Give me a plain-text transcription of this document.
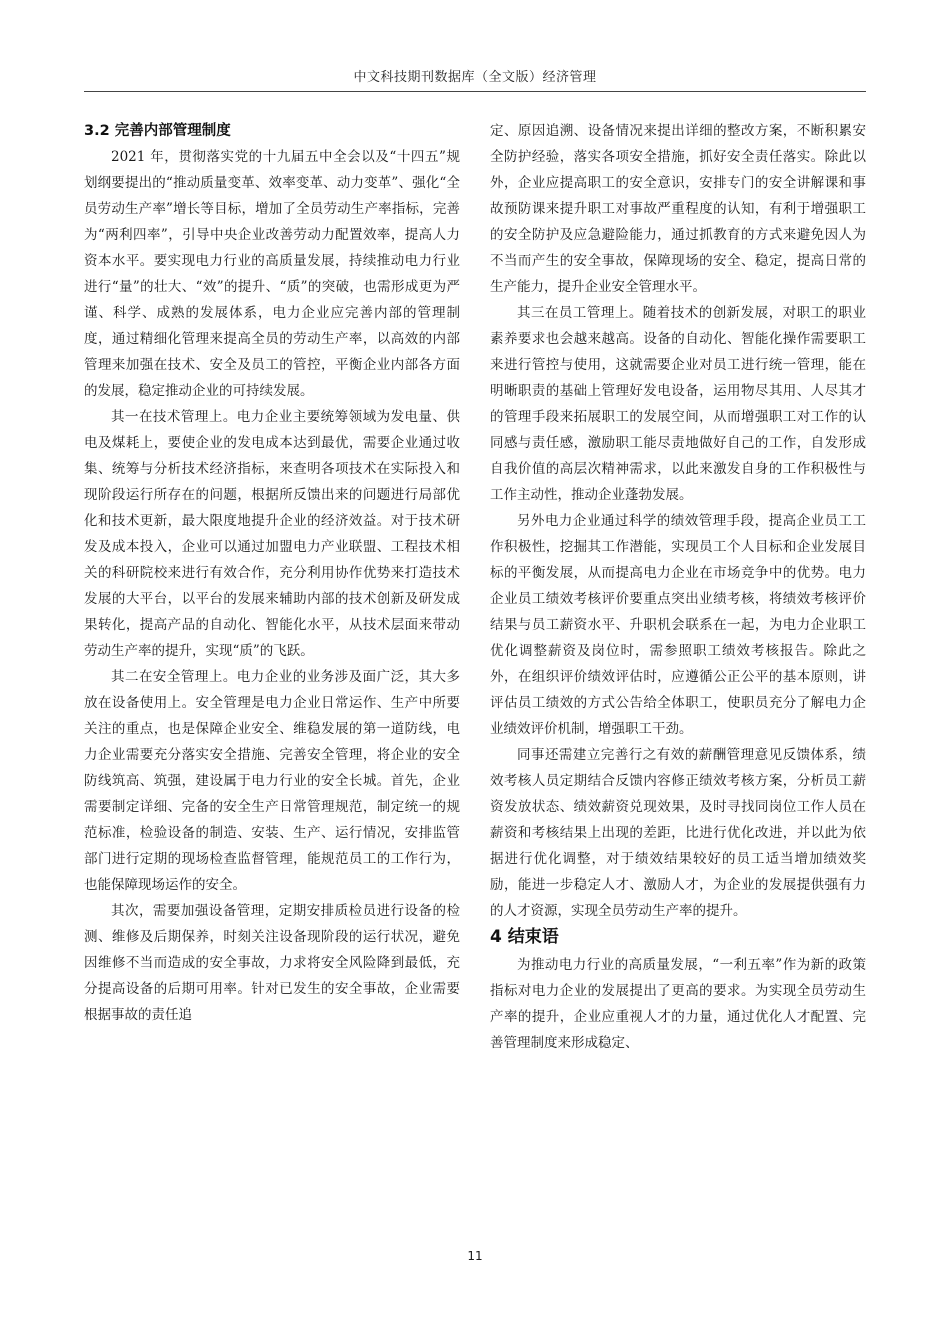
中文科技期刊数据库（全文版）经济管理
3.2 完善内部管理制度

2021 年，贯彻落实党的十九届五中全会以及“十四五”规划纲要提出的“推动质量变革、效率变革、动力变革”、强化“全员劳动生产率”增长等目标，增加了全员劳动生产率指标，完善为“两利四率”，引导中央企业改善劳动力配置效率，提高人力资本水平。要实现电力行业的高质量发展，持续推动电力行业进行“量”的壮大、“效”的提升、“质”的突破，也需形成更为严谨、科学、成熟的发展体系，电力企业应完善内部的管理制度，通过精细化管理来提高全员的劳动生产率，以高效的内部管理来加强在技术、安全及员工的管控，平衡企业内部各方面的发展，稳定推动企业的可持续发展。

其一在技术管理上。电力企业主要统筹领域为发电量、供电及煤耗上，要使企业的发电成本达到最优，需要企业通过收集、统筹与分析技术经济指标，来查明各项技术在实际投入和现阶段运行所存在的问题，根据所反馈出来的问题进行局部优化和技术更新，最大限度地提升企业的经济效益。对于技术研发及成本投入，企业可以通过加盟电力产业联盟、工程技术相关的科研院校来进行有效合作，充分利用协作优势来打造技术发展的大平台，以平台的发展来辅助内部的技术创新及研发成果转化，提高产品的自动化、智能化水平，从技术层面来带动劳动生产率的提升，实现“质”的飞跃。

其二在安全管理上。电力企业的业务涉及面广泛，其大多放在设备使用上。安全管理是电力企业日常运作、生产中所要关注的重点，也是保障企业安全、维稳发展的第一道防线，电力企业需要充分落实安全措施、完善安全管理，将企业的安全防线筑高、筑强，建设属于电力行业的安全长城。首先，企业需要制定详细、完备的安全生产日常管理规范，制定统一的规范标准，检验设备的制造、安装、生产、运行情况，安排监管部门进行定期的现场检查监督管理，能规范员工的工作行为，也能保障现场运作的安全。

其次，需要加强设备管理，定期安排质检员进行设备的检测、维修及后期保养，时刻关注设备现阶段的运行状况，避免因维修不当而造成的安全事故，力求将安全风险降到最低，充分提高设备的后期可用率。针对已发生的安全事故，企业需要根据事故的责任追

定、原因追溯、设备情况来提出详细的整改方案，不断积累安全防护经验，落实各项安全措施，抓好安全责任落实。除此以外，企业应提高职工的安全意识，安排专门的安全讲解课和事故预防课来提升职工对事故严重程度的认知，有利于增强职工的安全防护及应急避险能力，通过抓教育的方式来避免因人为不当而产生的安全事故，保障现场的安全、稳定，提高日常的生产能力，提升企业安全管理水平。

其三在员工管理上。随着技术的创新发展，对职工的职业素养要求也会越来越高。设备的自动化、智能化操作需要职工来进行管控与使用，这就需要企业对员工进行统一管理，能在明晰职责的基础上管理好发电设备，运用物尽其用、人尽其才的管理手段来拓展职工的发展空间，从而增强职工对工作的认同感与责任感，激励职工能尽责地做好自己的工作，自发形成自我价值的高层次精神需求，以此来激发自身的工作积极性与工作主动性，推动企业蓬勃发展。

另外电力企业通过科学的绩效管理手段，提高企业员工工作积极性，挖掘其工作潜能，实现员工个人目标和企业发展目标的平衡发展，从而提高电力企业在市场竞争中的优势。电力企业员工绩效考核评价要重点突出业绩考核，将绩效考核评价结果与员工薪资水平、升职机会联系在一起，为电力企业职工优化调整薪资及岗位时，需参照职工绩效考核报告。除此之外，在组织评价绩效评估时，应遵循公正公平的基本原则，讲评估员工绩效的方式公告给全体职工，使职员充分了解电力企业绩效评价机制，增强职工干劲。

同事还需建立完善行之有效的薪酬管理意见反馈体系，绩效考核人员定期结合反馈内容修正绩效考核方案，分析员工薪资发放状态、绩效薪资兑现效果，及时寻找同岗位工作人员在薪资和考核结果上出现的差距，比进行优化改进，并以此为依据进行优化调整，对于绩效结果较好的员工适当增加绩效奖励，能进一步稳定人才、激励人才，为企业的发展提供强有力的人才资源，实现全员劳动生产率的提升。

4 结束语

为推动电力行业的高质量发展，“一利五率”作为新的政策指标对电力企业的发展提出了更高的要求。为实现全员劳动生产率的提升，企业应重视人才的力量，通过优化人才配置、完善管理制度来形成稳定、

11
